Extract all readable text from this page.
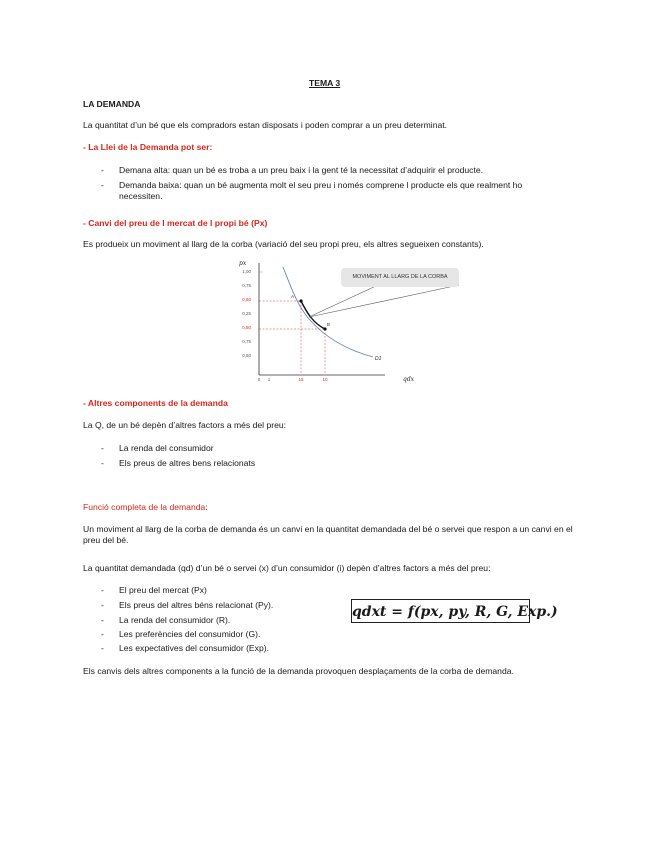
TEMA 3
LA DEMANDA
La quantitat d’un bé que els compradors estan disposats i poden comprar a un preu determinat.
- La Llei de la Demanda pot ser:
- Demana alta: quan un bé es troba a un preu baix i la gent té la necessitat d’adquirir el producte.
- Demanda baixa: quan un bé augmenta molt el seu preu i només comprene l producte els que realment ho necessiten.
- Canvi del preu de l mercat de l propi bé (Px)
Es produeix un moviment al llarg de la corba (variació del seu propi preu, els altres segueixen constants).
px
1,00
0,75
0,50
0,25
0,50
0,75
0,50
0 1	15	10
A
B
D1
qdx
MOVIMENT AL LLARG DE LA CORBA
- Altres components de la demanda
La Q, de un bé depèn d’altres factors a més del preu:
- La renda del consumidor
- Els preus de altres bens relacionats
Funció completa de la demanda:
Un moviment al llarg de la corba de demanda és un canvi en la quantitat demandada del bé o servei que respon a un canvi en el preu del bé.
La quantitat demandada (qd) d’un bé o servei (x) d’un consumidor (i) depèn d’altres factors a més del preu:
- El preu del mercat (Px)
- Els preus del altres béns relacionat (Py).
- La renda del consumidor (R).
- Les preferències del consumidor (G).
- Les expectatives del consumidor (Exp).
qdxt = f(px, py, R, G, Exp.)
Els canvis dels altres components a la funció de la demanda provoquen desplaçaments de la corba de demanda.
